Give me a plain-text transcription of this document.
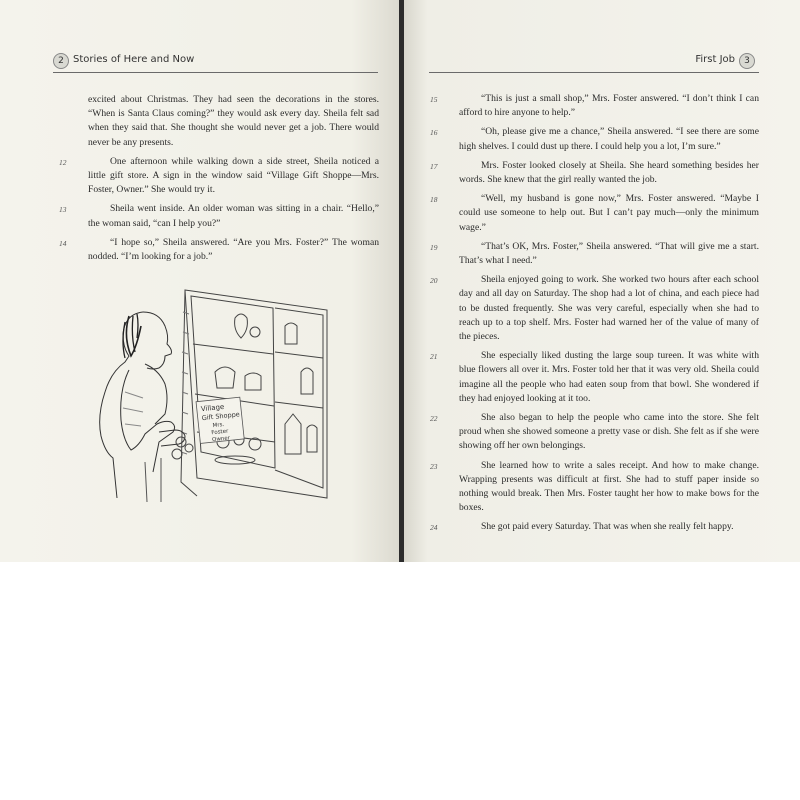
2 Stories of Here and Now

excited about Christmas. They had seen the decorations in the stores. “When is Santa Claus coming?” they would ask every day. Sheila felt sad when they said that. She thought she would never get a job. There would never be any presents.

12	One afternoon while walking down a side street, Sheila noticed a little gift store. A sign in the window said “Village Gift Shoppe—Mrs. Foster, Owner.” She would try it.

13	Sheila went inside. An older woman was sitting in a chair. “Hello,” the woman said, “can I help you?”

14	“I hope so,” Sheila answered. “Are you Mrs. Foster?” The woman nodded. “I’m looking for a job.”

Village
Gift Shoppe
Mrs.
Foster
Owner
First Job	3

15	“This is just a small shop,” Mrs. Foster answered. “I don’t think I can afford to hire anyone to help.”

16	“Oh, please give me a chance,” Sheila answered. “I see there are some high shelves. I could dust up there. I could help you a lot, I’m sure.”

17	Mrs. Foster looked closely at Sheila. She heard something besides her words. She knew that the girl really wanted the job.

18	“Well, my husband is gone now,” Mrs. Foster answered. “Maybe I could use someone to help out. But I can’t pay much—only the minimum wage.”

19	“That’s OK, Mrs. Foster,” Sheila answered. “That will give me a start. That’s what I need.”

20	Sheila enjoyed going to work. She worked two hours after each school day and all day on Saturday. The shop had a lot of china, and each piece had to be dusted frequently. She was very careful, especially when she had to reach up to a top shelf. Mrs. Foster had warned her of the value of many of the pieces.

21	She especially liked dusting the large soup tureen. It was white with blue flowers all over it. Mrs. Foster told her that it was very old. Sheila could imagine all the people who had eaten soup from that bowl. She wondered if they had enjoyed looking at it too.

22	She also began to help the people who came into the store. She felt proud when she showed someone a pretty vase or dish. She felt as if she were showing off her own belongings.

23	She learned how to write a sales receipt. And how to make change. Wrapping presents was difficult at first. She had to stuff paper inside so nothing would break. Then Mrs. Foster taught her how to make bows for the boxes.

24	She got paid every Saturday. That was when she really felt happy.
